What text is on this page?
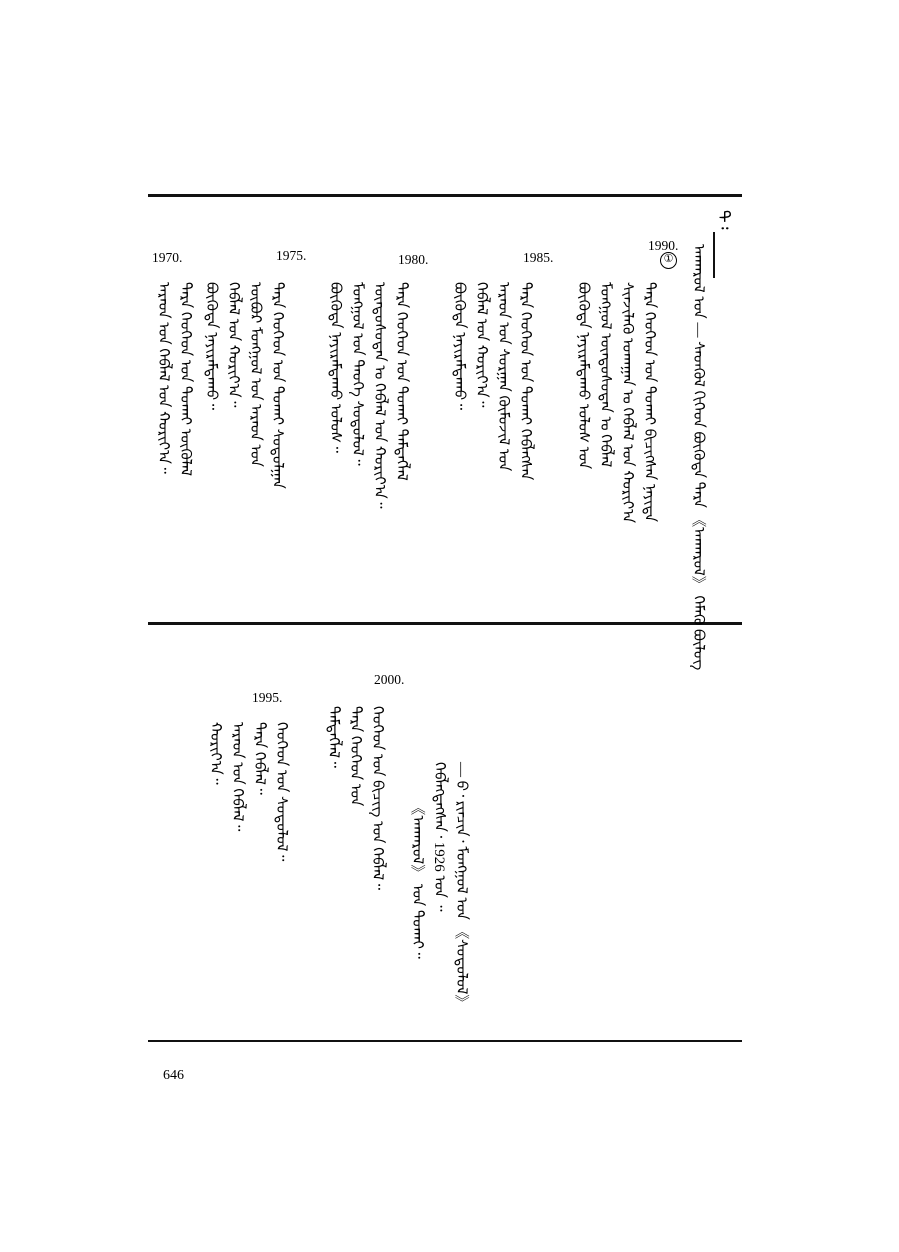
ᠲ᠄
ᠠᠨᠬᠠᠷᠤᠯ ᠤᠨ — ᠰᠡᠳᠬᠦᠯ ᠬᠢᠭᠡᠳ ᠪᠦᠭᠦᠳᠡ ᠲᠡᠷᠡ 《ᠠᠨᠬᠠᠷᠤᠯ》 ᠬᠡᠮᠡᠬᠦ ᠪᠦᠯᠦᠭ
①
1990.
ᠲᠡᠷᠡ ᠬᠡᠦᠬᠡᠳ ᠤᠨ ᠲᠤᠬᠠᠢ ᠪᠢᠴᠢᠭᠰᠡᠨ ᠨᠡᠶᠢᠲᠡ
ᠰᠢᠨᠵᠢᠯᠡᠬᠦ ᠤᠬᠠᠭᠠᠨ ᠤ ᠬᠡᠪᠯᠡᠯ ᠤᠨ ᠬᠣᠷᠢᠶ᠎ᠠ
ᠮᠣᠩᠭᠤᠯ ᠦᠨᠳᠦᠰᠦᠲᠡᠨ ᠤ ᠬᠡᠪᠯᠡᠯ
ᠪᠦᠭᠦᠳᠡ ᠨᠠᠶᠢᠷᠠᠮᠳᠠᠬᠤ ᠤᠯᠤᠰ ᠤᠨ
1985.
ᠲᠡᠷᠡ ᠬᠡᠦᠬᠡᠳ ᠤᠨ ᠲᠤᠬᠠᠢ ᠬᠡᠪᠯᠡᠭᠰᠡᠨ
ᠠᠷᠠᠳ ᠤᠨ ᠰᠤᠷᠭᠠᠨ ᠬᠦᠮᠦᠵᠢᠯ ᠤᠨ
ᠬᠡᠪᠯᠡᠯ ᠤᠨ ᠬᠣᠷᠢᠶ᠎ᠠ᠃
ᠪᠦᠭᠦᠳᠡ ᠨᠠᠶᠢᠷᠠᠮᠳᠠᠬᠤ᠃
1980.
ᠲᠡᠷᠡ ᠬᠡᠦᠬᠡᠳ ᠤᠨ ᠲᠤᠬᠠᠢ ᠲᠡᠮᠳᠡᠭᠯᠡᠯ
ᠦᠨᠳᠦᠰᠦᠲᠡᠨ ᠤ ᠬᠡᠪᠯᠡᠯ ᠤᠨ ᠬᠣᠷᠢᠶ᠎ᠠ᠃
ᠮᠣᠩᠭᠤᠯ ᠤᠨ ᠲᠡᠦᠬᠡ ᠰᠤᠳᠤᠯᠤᠯ᠃
ᠪᠦᠭᠦᠳᠡ ᠨᠠᠶᠢᠷᠠᠮᠳᠠᠬᠤ ᠤᠯᠤᠰ᠃
1975.
ᠲᠡᠷᠡ ᠬᠡᠦᠬᠡᠳ ᠤᠨ ᠲᠤᠬᠠᠢ ᠰᠤᠳᠤᠯᠭᠠᠨ
ᠦᠪᠦᠷ ᠮᠣᠩᠭᠤᠯ ᠤᠨ ᠠᠷᠠᠳ ᠤᠨ
ᠬᠡᠪᠯᠡᠯ ᠤᠨ ᠬᠣᠷᠢᠶ᠎ᠠ᠃
ᠪᠦᠭᠦᠳᠡ ᠨᠠᠶᠢᠷᠠᠮᠳᠠᠬᠤ᠃
1970.
ᠲᠡᠷᠡ ᠬᠡᠦᠬᠡᠳ ᠤᠨ ᠲᠤᠬᠠᠢ ᠦᠭᠦᠯᠡᠯ
ᠠᠷᠠᠳ ᠤᠨ ᠬᠡᠪᠯᠡᠯ ᠤᠨ ᠬᠣᠷᠢᠶ᠎ᠠ᠃
— ᠪ᠂ ᠷᠢᠨᠴᠢᠨ᠂ ᠮᠣᠩᠭᠤᠯ ᠤᠨ 《ᠰᠤᠳᠤᠯᠤᠯ》
ᠬᠡᠪᠯᠡᠭᠳᠡᠭᠰᠡᠨ᠂ 1926 ᠣᠨ ᠃
《ᠠᠨᠬᠠᠷᠤᠯ》 ᠤᠨ ᠲᠤᠬᠠᠢ᠃
2000.
ᠬᠡᠦᠬᠡᠳ ᠤᠨ ᠪᠢᠴᠢᠭ ᠤᠨ ᠬᠡᠪᠯᠡᠯ᠃
ᠲᠡᠷᠡ ᠬᠡᠦᠬᠡᠳ ᠤᠨ
ᠲᠡᠮᠳᠡᠭᠯᠡᠯ᠃
1995.
ᠬᠡᠦᠬᠡᠳ ᠤᠨ ᠰᠤᠳᠤᠯᠤᠯ᠃
ᠲᠡᠷᠡ ᠬᠡᠪᠯᠡᠯ᠃
ᠠᠷᠠᠳ ᠤᠨ ᠬᠡᠪᠯᠡᠯ᠃
ᠬᠣᠷᠢᠶ᠎ᠠ᠃
646
